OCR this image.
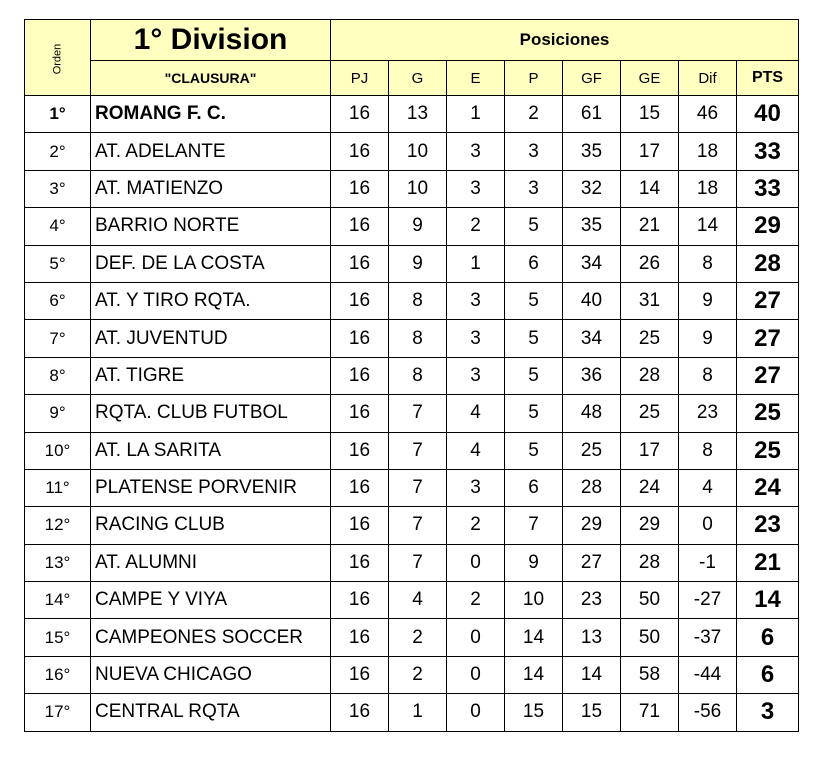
Orden	1° Division	Posiciones							
	"CLAUSURA"	PJ	G	E	P	GF	GE	Dif	PTS
1°	ROMANG F. C.	16	13	1	2	61	15	46	40
2°	AT. ADELANTE	16	10	3	3	35	17	18	33
3°	AT. MATIENZO	16	10	3	3	32	14	18	33
4°	BARRIO NORTE	16	9	2	5	35	21	14	29
5°	DEF. DE LA COSTA	16	9	1	6	34	26	8	28
6°	AT. Y TIRO RQTA.	16	8	3	5	40	31	9	27
7°	AT. JUVENTUD	16	8	3	5	34	25	9	27
8°	AT. TIGRE	16	8	3	5	36	28	8	27
9°	RQTA. CLUB FUTBOL	16	7	4	5	48	25	23	25
10°	AT. LA SARITA	16	7	4	5	25	17	8	25
11°	PLATENSE PORVENIR	16	7	3	6	28	24	4	24
12°	RACING CLUB	16	7	2	7	29	29	0	23
13°	AT. ALUMNI	16	7	0	9	27	28	-1	21
14°	CAMPE Y VIYA	16	4	2	10	23	50	-27	14
15°	CAMPEONES SOCCER	16	2	0	14	13	50	-37	6
16°	NUEVA CHICAGO	16	2	0	14	14	58	-44	6
17°	CENTRAL RQTA	16	1	0	15	15	71	-56	3
